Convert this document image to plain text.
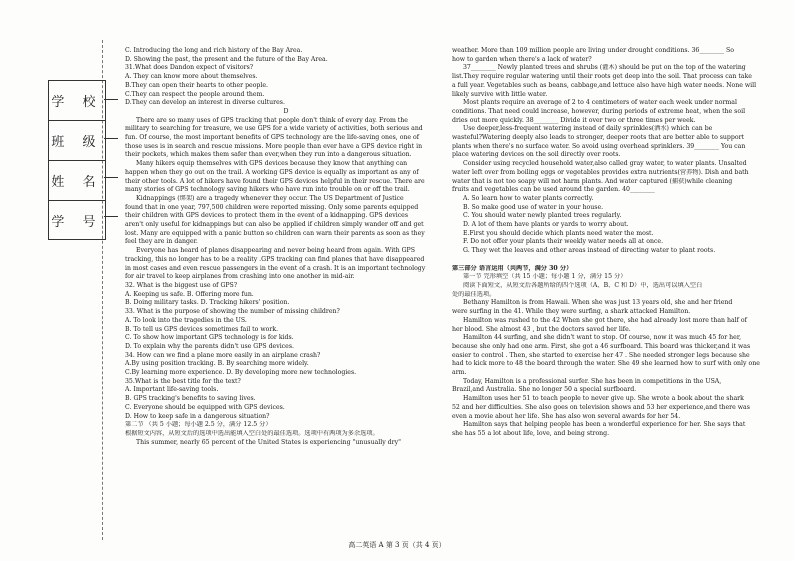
学 校
班 级
姓 名
学 号

C. Introducing the long and rich history of the Bay Area.

D. Showing the past, the present and the future of the Bay Area.

31.What does Dandon expect of visitors?

A. They can know more about themselves.

B.They can open their hearts to other people.

C.They can respect the people around them.

D.They can develop an interest in diverse cultures.

D

There are so many uses of GPS tracking that people don't think of every day. From the

military to searching for treasure, we use GPS for a wide variety of activities, both serious and

fun. Of course, the most important benefits of GPS technology are the life-saving ones, one of

those uses is in search and rescue missions. More people than ever have a GPS device right in

their pockets, which makes them safer than ever,when they run into a dangerous situation.

Many hikers equip themselves with GPS devices because they know that anything can

happen when they go out on the trail. A working GPS device is equally as important as any of

their other tools. A lot of hikers have found their GPS devices helpful in their rescue. There are

many stories of GPS technology saving hikers who have run into trouble on or off the trail.

Kidnappings (绑架) are a tragedy whenever they occur. The US Department of Justice

found that in one year, 797,500 children were reported missing. Only some parents equipped

their children with GPS devices to protect them in the event of a kidnapping. GPS devices

aren't only useful for kidnappings but can also be applied if children simply wander off and get

lost. Many are equipped with a panic button so children can warn their parents as soon as they

feel they are in danger.

Everyone has heard of planes disappearing and never being heard from again. With GPS

tracking, this no longer has to be a reality .GPS tracking can find planes that have disappeared

in most cases and even rescue passengers in the event of a crash. It is an important technology

for air travel to keep airplanes from crashing into one another in mid-air.

32. What is the biggest use of GPS?

A. Keeping us safe. B. Offering more fun.

B. Doing military tasks. D. Tracking hikers' position.

33. What is the purpose of showing the number of missing children?

A. To look into the tragedies in the US.

B. To tell us GPS devices sometimes fail to work.

C. To show how important GPS technology is for kids.

D. To explain why the parents didn't use GPS devices.

34. How can we find a plane more easily in an airplane crash?

A.By using position tracking. B. By searching more widely.

C.By learning more experience. D. By developing more new technologies.

35.What is the best title for the text?

A. Important life-saving tools.

B. GPS tracking's benefits to saving lives.

C. Everyone should be equipped with GPS devices.

D. How to keep safe in a dangerous situation?

第二节 （共 5 小题；每小题 2.5 分，满分 12.5 分）

根据短文内容，从短文后的选项中选出能填入空白处的最佳选项。选项中有两项为多余选项。

This summer, nearly 65 percent of the United States is experiencing "unusually dry"

weather. More than 109 million people are living under drought conditions. 36________ So

how to garden when there's a lack of water?

37________ Newly planted trees and shrubs (灌木) should be put on the top of the watering

list.They require regular watering until their roots get deep into the soil. That process can take

a full year. Vegetables such as beans, cabbage,and lettuce also have high water needs. None will

likely survive with little water.

Most plants require an average of 2 to 4 centimeters of water each week under normal

conditions. That need could increase, however, during periods of extreme heat, when the soil

dries out more quickly. 38________ Divide it over two or three times per week.

Use deeper,less-frequent watering instead of daily sprinkles(洒水) which can be

wasteful?Watering deeply also leads to stronger, deeper roots that are better able to support

plants when there's no surface water. So avoid using overhead sprinklers. 39________ You can

place watering devices on the soil directly over roots.

Consider using recycled household water,also called gray water, to water plants. Unsalted

water left over from boiling eggs or vegetables provides extra nutrients(营养物). Dish and bath

water that is not too soapy will not harm plants. And water captured (捕获)while cleaning

fruits and vegetables can be used around the garden. 40________

A. So learn how to water plants correctly.

B. So make good use of water in your house.

C. You should water newly planted trees regularly.

D. A lot of them have plants or yards to worry about.

E.First you should decide which plants need water the most.

F. Do not offer your plants their weekly water needs all at once.

G. They wet the leaves and other areas instead of directing water to plant roots.

第三部分 语言运用（共两节，满分 30 分）

第一节 完形填空（共 15 小题；每小题 1 分，满分 15 分）

阅读下面短文，从短文后各题所给的四个选项（A、B、C 和 D）中，选出可以填入空白

处的最佳选项。

Bethany Hamilton is from Hawaii. When she was just 13 years old, she and her friend

were surfing in the 41. While they were surfing, a shark attacked Hamilton.

Hamilton was rushed to the 42 When she got there, she had already lost more than half of

her blood. She almost 43 , but the doctors saved her life.

Hamilton 44 surfing, and she didn't want to stop. Of course, now it was much 45 for her,

because she only had one arm. First, she got a 46 surfboard. This board was thicker,and it was

easier to control . Then, she started to exercise her 47 . She needed stronger legs because she

had to kick more to 48 the board through the water. She 49 she learned how to surf with only one

arm.

Today, Hamilton is a professional surfer. She has been in competitions in the USA,

Brazil,and Australia. She no longer 50 a special surfboard.

Hamilton uses her 51 to teach people to never give up. She wrote a book about the shark

52 and her difficulties. She also goes on television shows and 53 her experience,and there was

even a movie about her life. She has also won several awards for her 54.

Hamilton says that helping people has been a wonderful experience for her. She says that

she has 55 a lot about life, love, and being strong.

高二英语 A 第 3 页（共 4 页）
